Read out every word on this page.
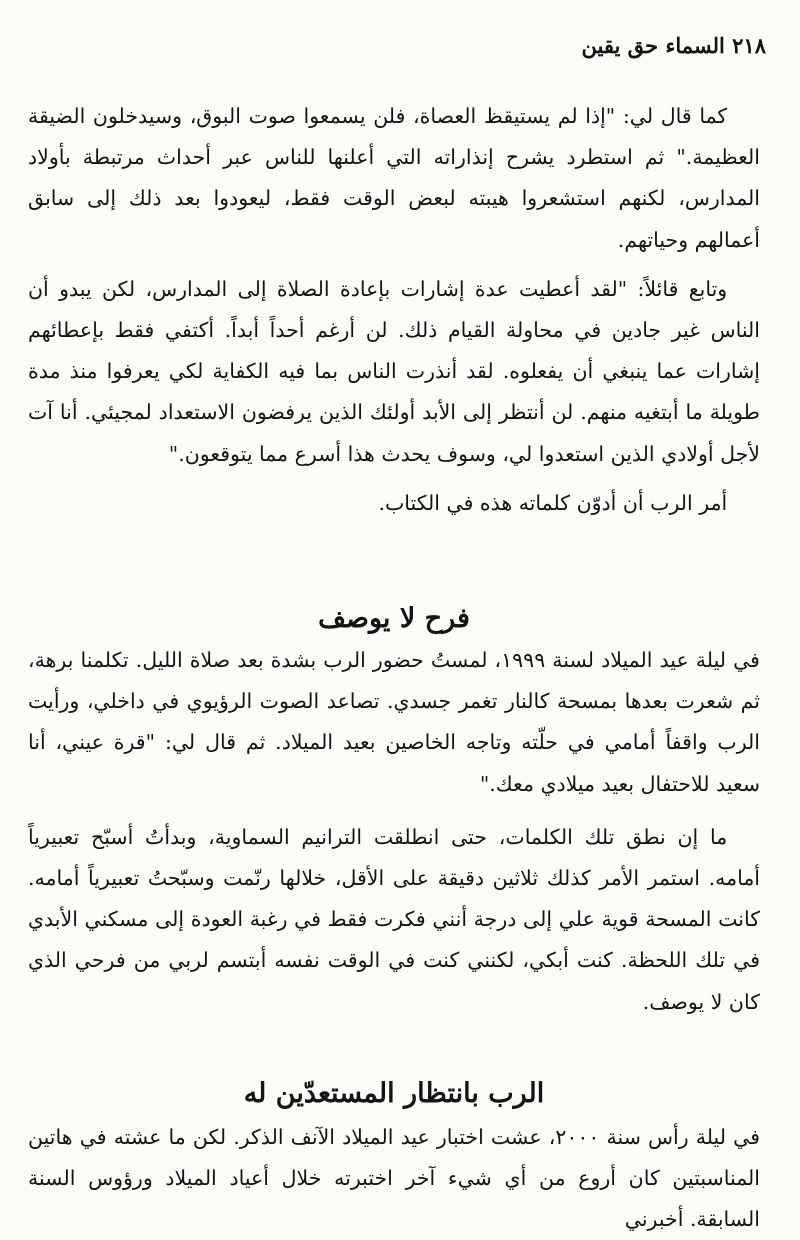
٢١٨ السماء حق يقين

كما قال لي: "إذا لم يستيقظ العصاة، فلن يسمعوا صوت البوق، وسيدخلون الضيقة العظيمة." ثم استطرد يشرح إنذاراته التي أعلنها للناس عبر أحداث مرتبطة بأولاد المدارس، لكنهم استشعروا هيبته لبعض الوقت فقط، ليعودوا بعد ذلك إلى سابق أعمالهم وحياتهم.

وتابع قائلاً: "لقد أعطيت عدة إشارات بإعادة الصلاة إلى المدارس، لكن يبدو أن الناس غير جادين في محاولة القيام ذلك. لن أرغم أحداً أبداً. أكتفي فقط بإعطائهم إشارات عما ينبغي أن يفعلوه. لقد أنذرت الناس بما فيه الكفاية لكي يعرفوا منذ مدة طويلة ما أبتغيه منهم. لن أنتظر إلى الأبد أولئك الذين يرفضون الاستعداد لمجيئي. أنا آت لأجل أولادي الذين استعدوا لي، وسوف يحدث هذا أسرع مما يتوقعون."

أمر الرب أن أدوّن كلماته هذه في الكتاب.

فرح لا يوصف

في ليلة عيد الميلاد لسنة ١٩٩٩، لمستُ حضور الرب بشدة بعد صلاة الليل. تكلمنا برهة، ثم شعرت بعدها بمسحة كالنار تغمر جسدي. تصاعد الصوت الرؤيوي في داخلي، ورأيت الرب واقفاً أمامي في حلّته وتاجه الخاصين بعيد الميلاد. ثم قال لي: "قرة عيني، أنا سعيد للاحتفال بعيد ميلادي معك."

ما إن نطق تلك الكلمات، حتى انطلقت الترانيم السماوية، وبدأتُ أسبّح تعبيرياً أمامه. استمر الأمر كذلك ثلاثين دقيقة على الأقل، خلالها رنّمت وسبّحتُ تعبيرياً أمامه. كانت المسحة قوية علي إلى درجة أنني فكرت فقط في رغبة العودة إلى مسكني الأبدي في تلك اللحظة. كنت أبكي، لكنني كنت في الوقت نفسه أبتسم لربي من فرحي الذي كان لا يوصف.

الرب بانتظار المستعدّين له

في ليلة رأس سنة ٢٠٠٠، عشت اختبار عيد الميلاد الآنف الذكر. لكن ما عشته في هاتين المناسبتين كان أروع من أي شيء آخر اختبرته خلال أعياد الميلاد ورؤوس السنة السابقة. أخبرني
